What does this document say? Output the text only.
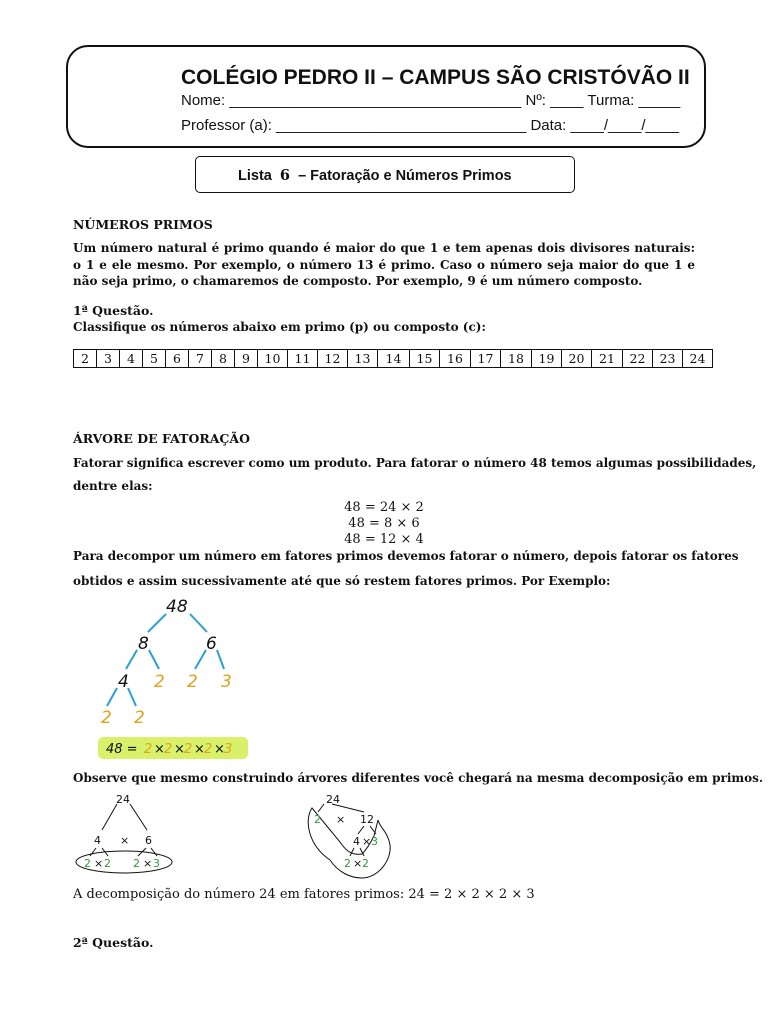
COLÉGIO PEDRO II – CAMPUS SÃO CRISTÓVÃO II
Nome: ___________________________________ Nº: ____ Turma: _____
Professor (a): ______________________________ Data: ____/____/____
Lista 6 – Fatoração e Números Primos
NÚMEROS PRIMOS
Um número natural é primo quando é maior do que 1 e tem apenas dois divisores naturais: o 1 e ele mesmo. Por exemplo, o número 13 é primo. Caso o número seja maior do que 1 e não seja primo, o chamaremos de composto. Por exemplo, 9 é um número composto.
1ª Questão.
Classifique os números abaixo em primo (p) ou composto (c):
2	3	4	5	6	7	8	9	10	11	12	13	14	15	16	17	18	19	20	21	22	23	24
ÁRVORE DE FATORAÇÃO
Fatorar significa escrever como um produto. Para fatorar o número 48 temos algumas possibilidades,
dentre elas:
48 = 24 × 2
48 = 8 × 6
48 = 12 × 4
Para decompor um número em fatores primos devemos fatorar o número, depois fatorar os fatores
obtidos e assim sucessivamente até que só restem fatores primos. Por Exemplo:
48
8	6
4 2 2 3
2 2
48 = 2 × 2 × 2 × 2 × 3
Observe que mesmo construindo árvores diferentes você chegará na mesma decomposição em primos.
24
4 × 6
2 × 2 2 × 3
24
2 × 12
4 × 3
2 × 2
A decomposição do número 24 em fatores primos: 24 = 2 × 2 × 2 × 3
2ª Questão.
